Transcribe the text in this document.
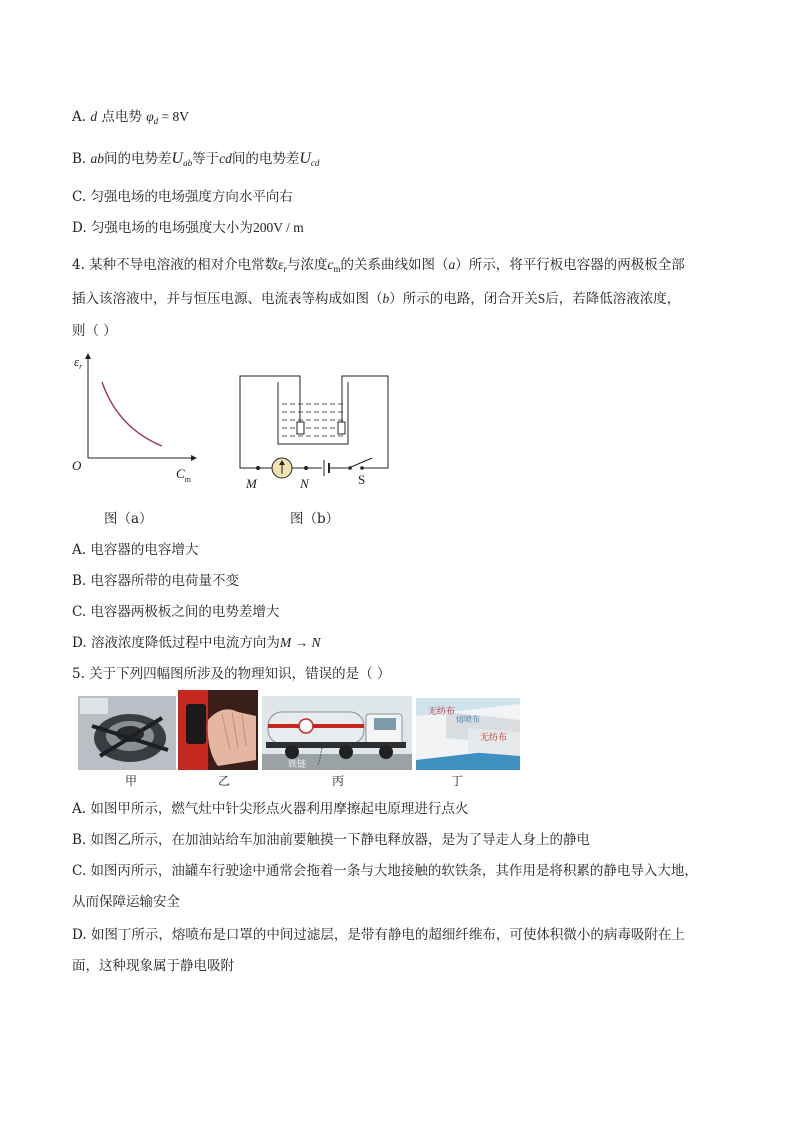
A. d 点电势 $\varphi_d = 8V$
B. ab间的电势差$U_{ab}$等于cd间的电势差$U_{cd}$
C. 匀强电场的电场强度方向水平向右
D. 匀强电场的电场强度大小为200V / m
4. 某种不导电溶液的相对介电常数$\varepsilon_r$与浓度$c_m$的关系曲线如图（a）所示，将平行板电容器的两极板全部
插入该溶液中，并与恒压电源、电流表等构成如图（b）所示的电路，闭合开关S后，若降低溶液浓度，
则（ ）
$\varepsilon_r$
O
$C_m$
图（a）
M	N	S
图（b）
A. 电容器的电容增大
B. 电容器所带的电荷量不变
C. 电容器两极板之间的电势差增大
D. 溶液浓度降低过程中电流方向为M → N
5. 关于下列四幅图所涉及的物理知识，错误的是（ ）
甲	乙
铁链
丙
无纺布
熔喷布
无纺布
丁
A. 如图甲所示，燃气灶中针尖形点火器利用摩擦起电原理进行点火
B. 如图乙所示，在加油站给车加油前要触摸一下静电释放器，是为了导走人身上的静电
C. 如图丙所示，油罐车行驶途中通常会拖着一条与大地接触的软铁条，其作用是将积累的静电导入大地，
从而保障运输安全
D. 如图丁所示，熔喷布是口罩的中间过滤层，是带有静电的超细纤维布，可使体积微小的病毒吸附在上
面，这种现象属于静电吸附
